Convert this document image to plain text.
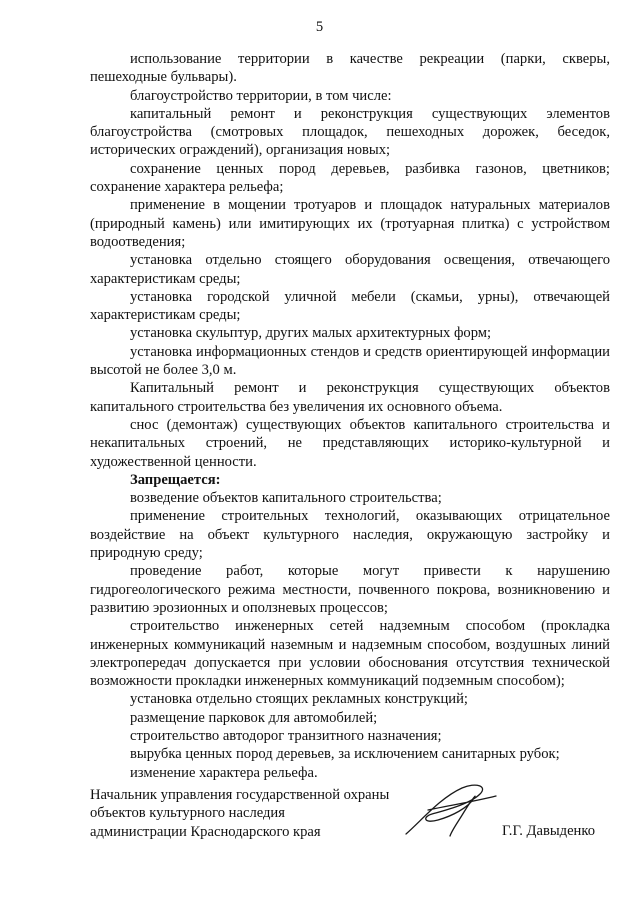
5

использование территории в качестве рекреации (парки, скверы, пешеходные бульвары).

благоустройство территории, в том числе:

капитальный ремонт и реконструкция существующих элементов благоустройства (смотровых площадок, пешеходных дорожек, беседок, исторических ограждений), организация новых;

сохранение ценных пород деревьев, разбивка газонов, цветников; сохранение характера рельефа;

применение в мощении тротуаров и площадок натуральных материалов (природный камень) или имитирующих их (тротуарная плитка) с устройством водоотведения;

установка отдельно стоящего оборудования освещения, отвечающего характеристикам среды;

установка городской уличной мебели (скамьи, урны), отвечающей характеристикам среды;

установка скульптур, других малых архитектурных форм;

установка информационных стендов и средств ориентирующей информации высотой не более 3,0 м.

Капитальный ремонт и реконструкция существующих объектов капитального строительства без увеличения их основного объема.

снос (демонтаж) существующих объектов капитального строительства и некапитальных строений, не представляющих историко-культурной и художественной ценности.

Запрещается:

возведение объектов капитального строительства;

применение строительных технологий, оказывающих отрицательное воздействие на объект культурного наследия, окружающую застройку и природную среду;

проведение работ, которые могут привести к нарушению гидрогеологического режима местности, почвенного покрова, возникновению и развитию эрозионных и оползневых процессов;

строительство инженерных сетей надземным способом (прокладка инженерных коммуникаций наземным и надземным способом, воздушных линий электропередач допускается при условии обоснования отсутствия технической возможности прокладки инженерных коммуникаций подземным способом);

установка отдельно стоящих рекламных конструкций;

размещение парковок для автомобилей;

строительство автодорог транзитного назначения;

вырубка ценных пород деревьев, за исключением санитарных рубок;

изменение характера рельефа.

Начальник управления государственной охраны

объектов культурного наследия

администрации Краснодарского края	Г.Г. Давыденко
